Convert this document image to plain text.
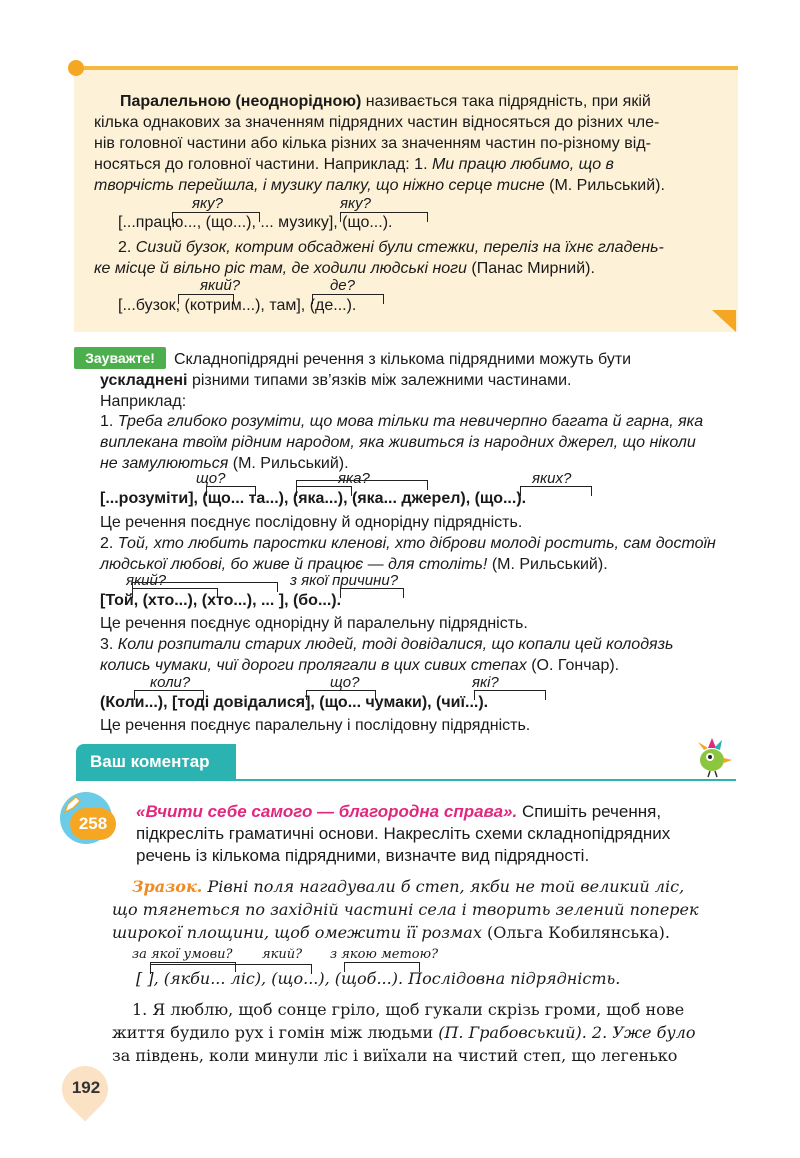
Паралельною (неоднорідною) називається така підрядність, при якій
кілька однакових за значенням підрядних частин відносяться до різних чле-
нів головної частини або кілька різних за значенням частин по-різному від-
носяться до головної частини. Наприклад: 1. Ми працю любимо, що в
творчість перейшла, і музику палку, що ніжно серце тисне (М. Рильський).
яку?	яку?
[...працю..., (що...), ... музику], (що...).
2. Сизий бузок, котрим обсаджені були стежки, переліз на їхнє гладень-
ке місце й вільно ріс там, де ходили людські ноги (Панас Мирний).
який?	де?
[...бузок, (котрим...), там], (де...).
Зауважте!	Складнопідрядні речення з кількома підрядними можуть бути
ускладнені різними типами зв’язків між залежними частинами.
Наприклад:
1. Треба глибоко розуміти, що мова тільки та невичерпно багата й гарна, яка
виплекана твоїм рідним народом, яка живиться із народних джерел, що ніколи
не замулюються (М. Рильський).
що?	яка?	яких?
[...розуміти], (що... та...), (яка...), (яка... джерел), (що...).
Це речення поєднує послідовну й однорідну підрядність.
2. Той, хто любить паростки кленові, хто діброви молоді ростить, сам достоїн
людської любові, бо живе й працює — для століть! (М. Рильський).
який?	з якої причини?
[Той, (хто...), (хто...), ... ], (бо...).
Це речення поєднує однорідну й паралельну підрядність.
3. Коли розпитали старих людей, тоді довідалися, що копали цей колодязь
колись чумаки, чиї дороги пролягали в цих сивих степах (О. Гончар).
коли?	що?	які?
(Коли...), [тоді довідалися], (що... чумаки), (чиї...).
Це речення поєднує паралельну і послідовну підрядність.
Ваш коментар
258
«Вчити себе самого — благородна справа». Спишіть речення,
підкресліть граматичні основи. Накресліть схеми складнопідрядних
речень із кількома підрядними, визначте вид підрядності.
Зразок. Рівні поля нагадували б степ, якби не той великий ліс,
що тягнеться по західній частині села і творить зелений поперек
широкої площини, щоб омежити її розмах (Ольга Кобилянська).
за якої умови? який? з якою метою?
[ ], (якби... ліс), (що...), (щоб...). Послідовна підрядність.
1. Я люблю, щоб сонце гріло, щоб гукали скрізь громи, щоб нове
життя будило рух і гомін між людьми (П. Грабовський). 2. Уже було
за південь, коли минули ліс і виїхали на чистий степ, що легенько
192
